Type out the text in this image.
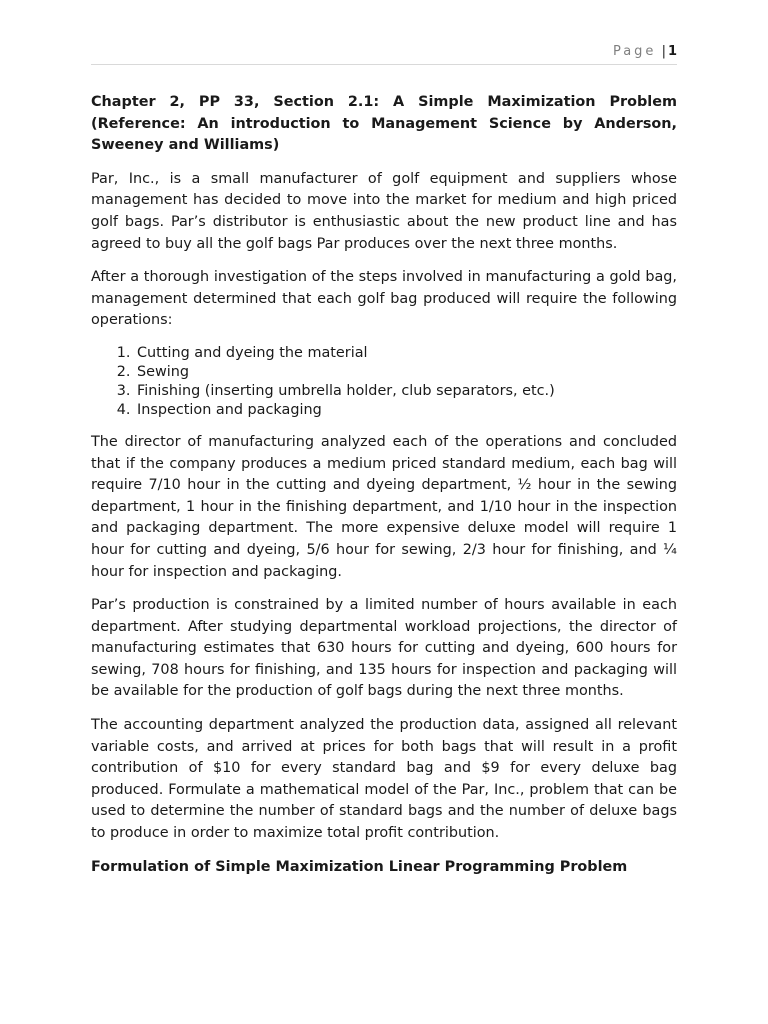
Page | 1

Chapter 2, PP 33, Section 2.1: A Simple Maximization Problem (Reference: An introduction to Management Science by Anderson, Sweeney and Williams)

Par, Inc., is a small manufacturer of golf equipment and suppliers whose management has decided to move into the market for medium and high priced golf bags. Par’s distributor is enthusiastic about the new product line and has agreed to buy all the golf bags Par produces over the next three months.

After a thorough investigation of the steps involved in manufacturing a gold bag, management determined that each golf bag produced will require the following operations:

1. Cutting and dyeing the material
2. Sewing
3. Finishing (inserting umbrella holder, club separators, etc.)
4. Inspection and packaging

The director of manufacturing analyzed each of the operations and concluded that if the company produces a medium priced standard medium, each bag will require 7/10 hour in the cutting and dyeing department, ½ hour in the sewing department, 1 hour in the finishing department, and 1/10 hour in the inspection and packaging department. The more expensive deluxe model will require 1 hour for cutting and dyeing, 5/6 hour for sewing, 2/3 hour for finishing, and ¼ hour for inspection and packaging.

Par’s production is constrained by a limited number of hours available in each department. After studying departmental workload projections, the director of manufacturing estimates that 630 hours for cutting and dyeing, 600 hours for sewing, 708 hours for finishing, and 135 hours for inspection and packaging will be available for the production of golf bags during the next three months.

The accounting department analyzed the production data, assigned all relevant variable costs, and arrived at prices for both bags that will result in a profit contribution of $10 for every standard bag and $9 for every deluxe bag produced. Formulate a mathematical model of the Par, Inc., problem that can be used to determine the number of standard bags and the number of deluxe bags to produce in order to maximize total profit contribution.

Formulation of Simple Maximization Linear Programming Problem
